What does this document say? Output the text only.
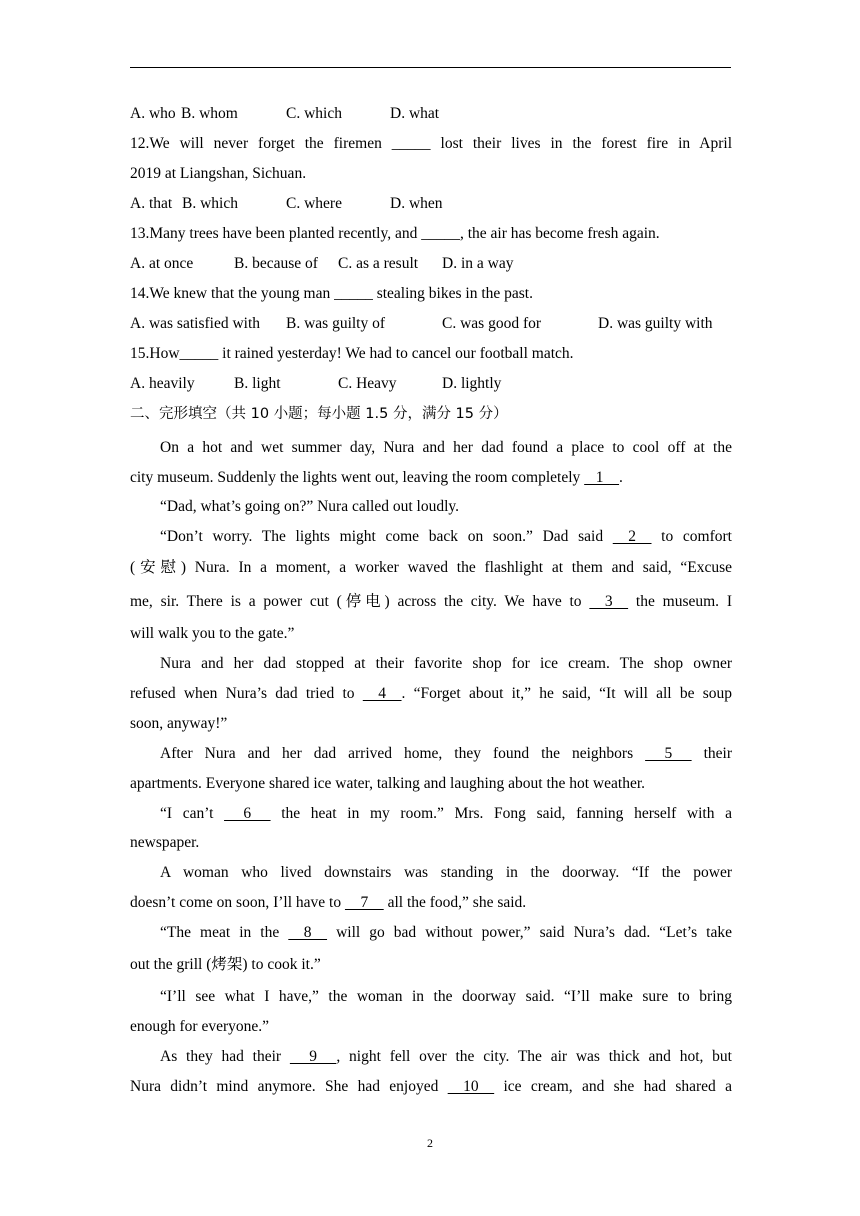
A. who B. whom	C. which	D. what
12.We will never forget the firemen _____ lost their lives in the forest fire in April
2019 at Liangshan, Sichuan.
A. that B. which	C. where	D. when
13.Many trees have been planted recently, and _____, the air has become fresh again.
A. at once	B. because of C. as a result D. in a way
14.We knew that the young man _____ stealing bikes in the past.
A. was satisfied with B. was guilty of	C. was good for	D. was guilty with
15.How_____ it rained yesterday! We had to cancel our football match.
A. heavily	B. light	C. Heavy	D. lightly
二、完形填空（共 10 小题；每小题 1.5 分，满分 15 分）
On a hot and wet summer day, Nura and her dad found a place to cool off at the
city museum. Suddenly the lights went out, leaving the room completely    1    .
“Dad, what’s going on?” Nura called out loudly.
“Don’t worry. The lights might come back on soon.” Dad said     2     to comfort
(安慰) Nura. In a moment, a worker waved the flashlight at them and said, “Excuse
me, sir. There is a power cut (停电) across the city. We have to     3     the museum. I
will walk you to the gate.”
Nura and her dad stopped at their favorite shop for ice cream. The shop owner
refused when Nura’s dad tried to     4    . “Forget about it,” he said, “It will all be soup
soon, anyway!”
After Nura and her dad arrived home, they found the neighbors      5      their
apartments. Everyone shared ice water, talking and laughing about the hot weather.
“I can’t      6      the heat in my room.” Mrs. Fong said, fanning herself with a
newspaper.
A woman who lived downstairs was standing in the doorway. “If the power
doesn’t come on soon, I’ll have to     7     all the food,” she said.
“The meat in the     8     will go bad without power,” said Nura’s dad. “Let’s take
out the grill (烤架) to cook it.”
“I’ll see what I have,” the woman in the doorway said. “I’ll make sure to bring
enough for everyone.”
As they had their      9     , night fell over the city. The air was thick and hot, but
Nura didn’t mind anymore. She had enjoyed     10     ice cream, and she had shared a
2
